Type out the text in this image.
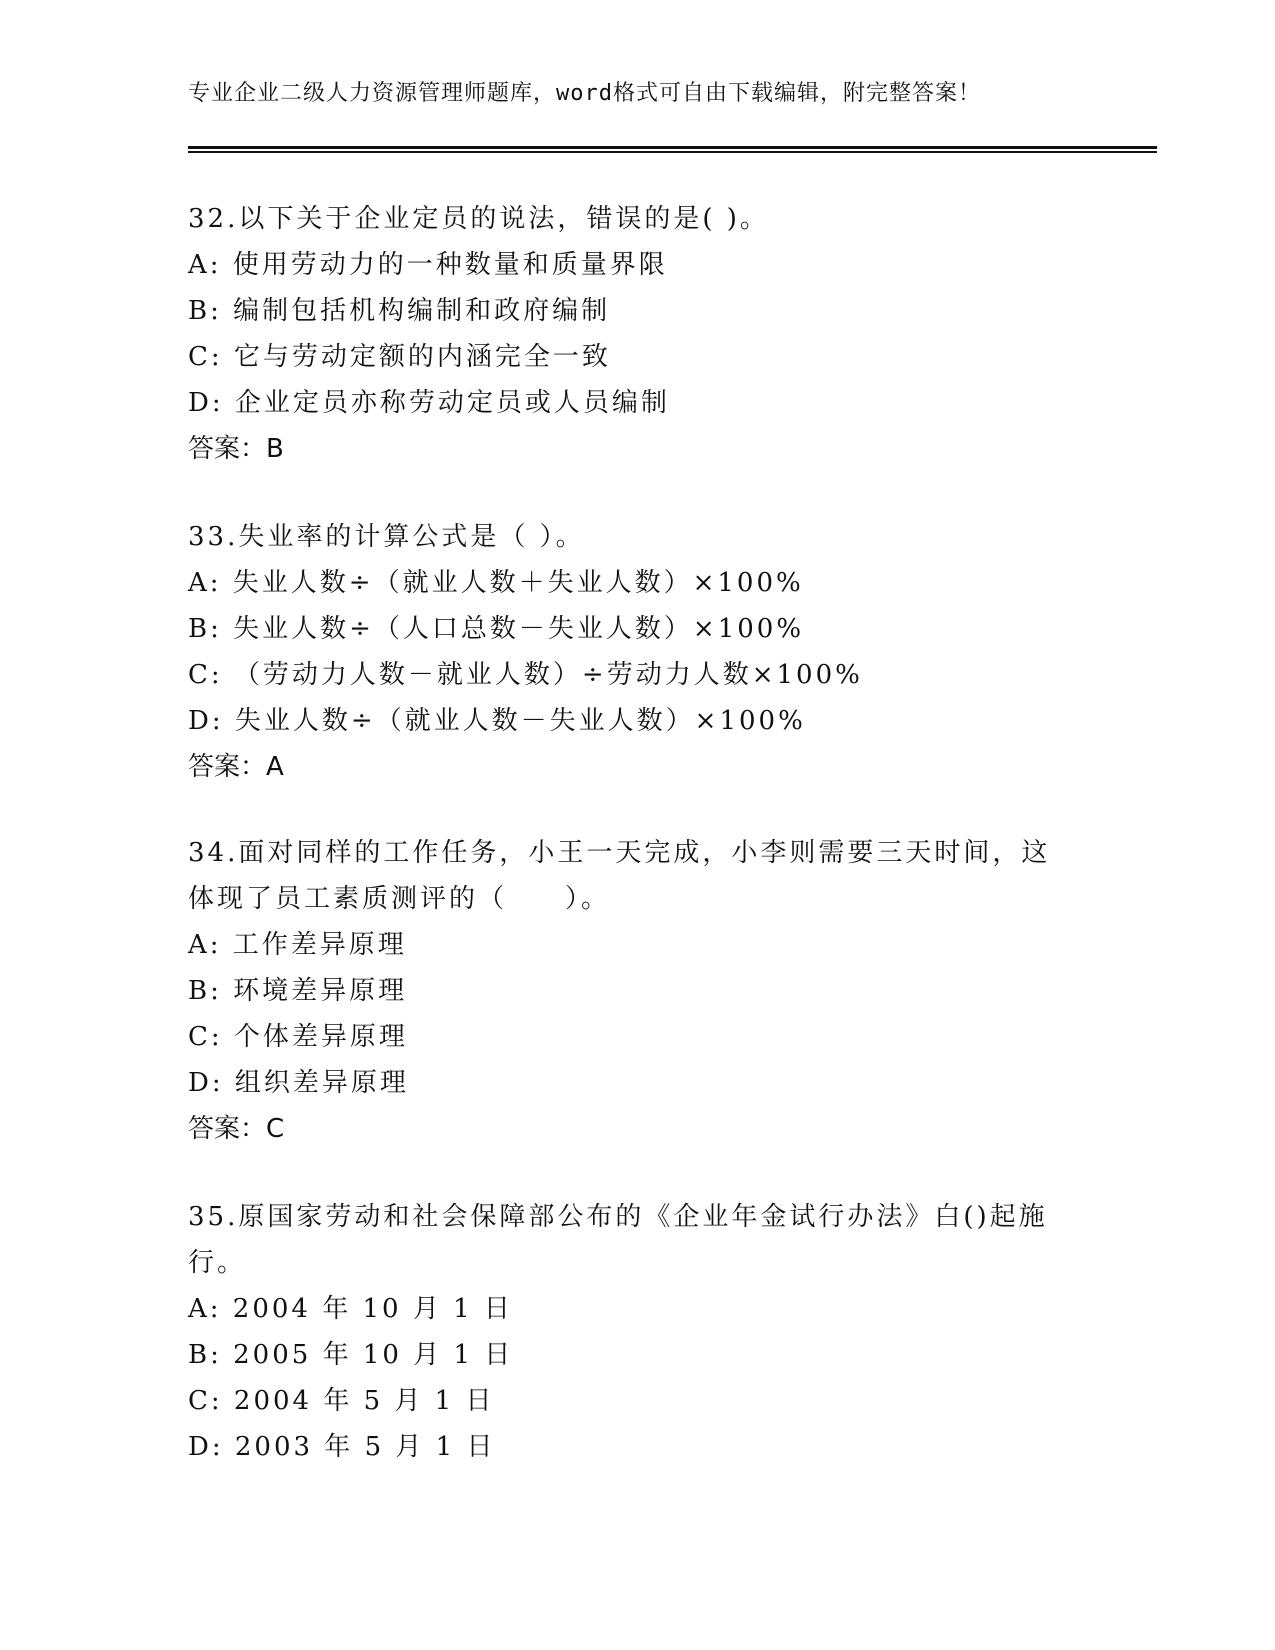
专业企业二级人力资源管理师题库，word格式可自由下载编辑，附完整答案！
32.以下关于企业定员的说法，错误的是( )。
A: 使用劳动力的一种数量和质量界限
B: 编制包括机构编制和政府编制
C: 它与劳动定额的内涵完全一致
D: 企业定员亦称劳动定员或人员编制
答案：B
33.失业率的计算公式是（ ）。
A: 失业人数÷（就业人数＋失业人数）×100%
B: 失业人数÷（人口总数－失业人数）×100%
C: （劳动力人数－就业人数）÷劳动力人数×100%
D: 失业人数÷（就业人数－失业人数）×100%
答案：A
34.面对同样的工作任务，小王一天完成，小李则需要三天时间，这体现了员工素质测评的（　　）。
A: 工作差异原理
B: 环境差异原理
C: 个体差异原理
D: 组织差异原理
答案：C
35.原国家劳动和社会保障部公布的《企业年金试行办法》白()起施行。
A: 2004 年 10 月 1 日
B: 2005 年 10 月 1 日
C: 2004 年 5 月 1 日
D: 2003 年 5 月 1 日
